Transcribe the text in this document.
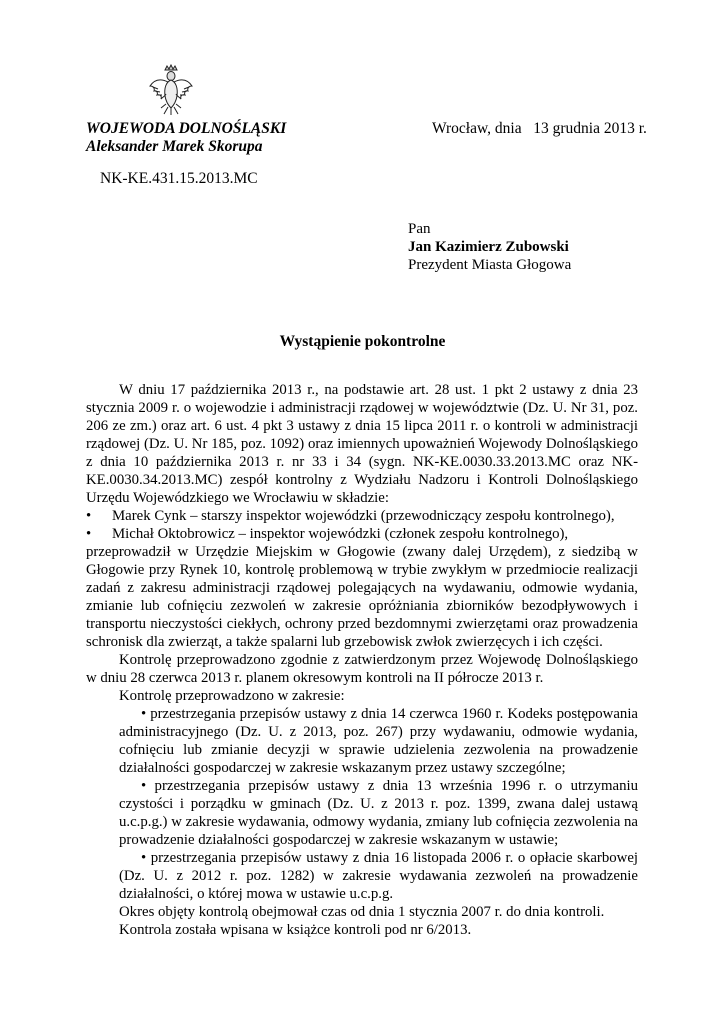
WOJEWODA DOLNOŚLĄSKI
Aleksander Marek Skorupa
Wrocław, dnia   13 grudnia 2013 r.
NK-KE.431.15.2013.MC
Pan
Jan Kazimierz Zubowski
Prezydent Miasta Głogowa
Wystąpienie pokontrolne

W dniu 17 października 2013 r., na podstawie art. 28 ust. 1 pkt 2 ustawy z dnia 23 stycznia 2009 r. o wojewodzie i administracji rządowej w województwie (Dz. U. Nr 31, poz. 206 ze zm.) oraz art. 6 ust. 4 pkt 3 ustawy z dnia 15 lipca 2011 r. o kontroli w administracji rządowej (Dz. U. Nr 185, poz. 1092) oraz imiennych upoważnień Wojewody Dolnośląskiego z dnia 10 października 2013 r. nr 33 i 34 (sygn. NK-KE.0030.33.2013.MC oraz NK-KE.0030.34.2013.MC) zespół kontrolny z Wydziału Nadzoru i Kontroli Dolnośląskiego Urzędu Wojewódzkiego we Wrocławiu w składzie:

• Marek Cynk – starszy inspektor wojewódzki (przewodniczący zespołu kontrolnego),

• Michał Oktobrowicz – inspektor wojewódzki (członek zespołu kontrolnego),

przeprowadził w Urzędzie Miejskim w Głogowie (zwany dalej Urzędem), z siedzibą w Głogowie przy Rynek 10, kontrolę problemową w trybie zwykłym w przedmiocie realizacji zadań z zakresu administracji rządowej polegających na wydawaniu, odmowie wydania, zmianie lub cofnięciu zezwoleń w zakresie opróżniania zbiorników bezodpływowych i transportu nieczystości ciekłych, ochrony przed bezdomnymi zwierzętami oraz prowadzenia schronisk dla zwierząt, a także spalarni lub grzebowisk zwłok zwierzęcych i ich części.

Kontrolę przeprowadzono zgodnie z zatwierdzonym przez Wojewodę Dolnośląskiego w dniu 28 czerwca 2013 r. planem okresowym kontroli na II półrocze 2013 r.

Kontrolę przeprowadzono w zakresie:

• przestrzegania przepisów ustawy z dnia 14 czerwca 1960 r. Kodeks postępowania administracyjnego (Dz. U. z 2013, poz. 267) przy wydawaniu, odmowie wydania, cofnięciu lub zmianie decyzji w sprawie udzielenia zezwolenia na prowadzenie działalności gospodarczej w zakresie wskazanym przez ustawy szczególne;

• przestrzegania przepisów ustawy z dnia 13 września 1996 r. o utrzymaniu czystości i porządku w gminach (Dz. U. z 2013 r. poz. 1399, zwana dalej ustawą u.c.p.g.) w zakresie wydawania, odmowy wydania, zmiany lub cofnięcia zezwolenia na prowadzenie działalności gospodarczej w zakresie wskazanym w ustawie;

• przestrzegania przepisów ustawy z dnia 16 listopada 2006 r. o opłacie skarbowej (Dz. U. z 2012 r. poz. 1282) w zakresie wydawania zezwoleń na prowadzenie działalności, o której mowa w ustawie u.c.p.g.

Okres objęty kontrolą obejmował czas od dnia 1 stycznia 2007 r. do dnia kontroli.

Kontrola została wpisana w książce kontroli pod nr 6/2013.
